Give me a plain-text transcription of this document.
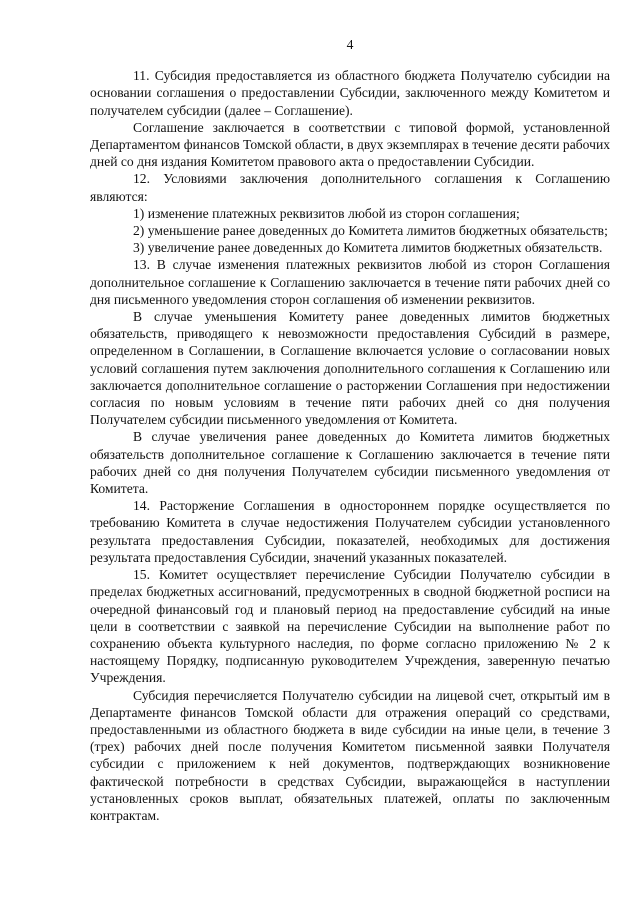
4

11. Субсидия предоставляется из областного бюджета Получателю субсидии на основании соглашения о предоставлении Субсидии, заключенного между Комитетом и получателем субсидии (далее – Соглашение).

Соглашение заключается в соответствии с типовой формой, установленной Департаментом финансов Томской области, в двух экземплярах в течение десяти рабочих дней со дня издания Комитетом правового акта о предоставлении Субсидии.

12. Условиями заключения дополнительного соглашения к Соглашению являются:

1) изменение платежных реквизитов любой из сторон соглашения;

2) уменьшение ранее доведенных до Комитета лимитов бюджетных обязательств;

3) увеличение ранее доведенных до Комитета лимитов бюджетных обязательств.

13. В случае изменения платежных реквизитов любой из сторон Соглашения дополнительное соглашение к Соглашению заключается в течение пяти рабочих дней со дня письменного уведомления сторон соглашения об изменении реквизитов.

В случае уменьшения Комитету ранее доведенных лимитов бюджетных обязательств, приводящего к невозможности предоставления Субсидий в размере, определенном в Соглашении, в Соглашение включается условие о согласовании новых условий соглашения путем заключения дополнительного соглашения к Соглашению или заключается дополнительное соглашение о расторжении Соглашения при недостижении согласия по новым условиям в течение пяти рабочих дней со дня получения Получателем субсидии письменного уведомления от Комитета.

В случае увеличения ранее доведенных до Комитета лимитов бюджетных обязательств дополнительное соглашение к Соглашению заключается в течение пяти рабочих дней со дня получения Получателем субсидии письменного уведомления от Комитета.

14. Расторжение Соглашения в одностороннем порядке осуществляется по требованию Комитета в случае недостижения Получателем субсидии установленного результата предоставления Субсидии, показателей, необходимых для достижения результата предоставления Субсидии, значений указанных показателей.

15. Комитет осуществляет перечисление Субсидии Получателю субсидии в пределах бюджетных ассигнований, предусмотренных в сводной бюджетной росписи на очередной финансовый год и плановый период на предоставление субсидий на иные цели в соответствии с заявкой на перечисление Субсидии на выполнение работ по сохранению объекта культурного наследия, по форме согласно приложению № 2 к настоящему Порядку, подписанную руководителем Учреждения, заверенную печатью Учреждения.

Субсидия перечисляется Получателю субсидии на лицевой счет, открытый им в Департаменте финансов Томской области для отражения операций со средствами, предоставленными из областного бюджета в виде субсидии на иные цели, в течение 3 (трех) рабочих дней после получения Комитетом письменной заявки Получателя субсидии с приложением к ней документов, подтверждающих возникновение фактической потребности в средствах Субсидии, выражающейся в наступлении установленных сроков выплат, обязательных платежей, оплаты по заключенным контрактам.
